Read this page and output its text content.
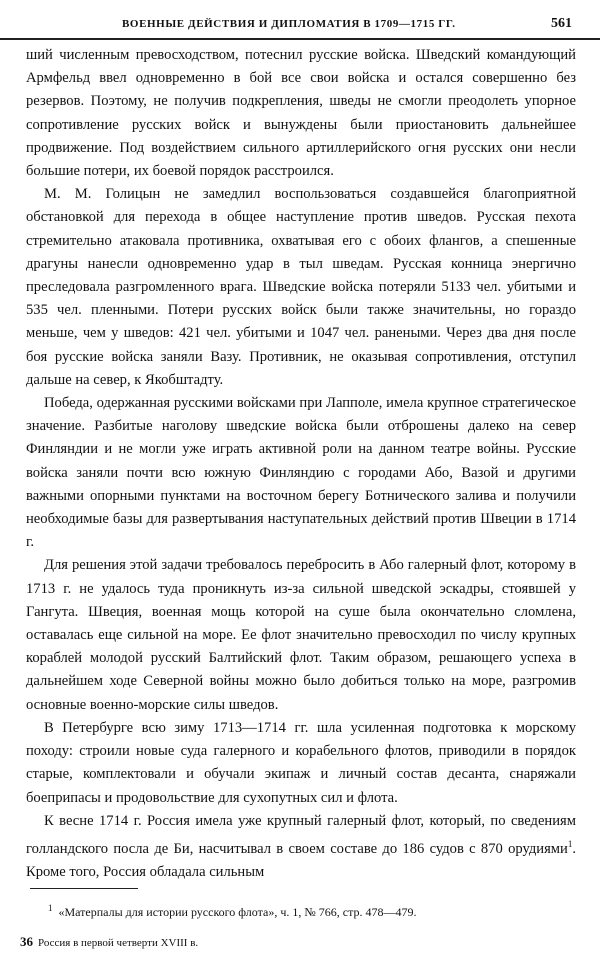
ВОЕННЫЕ ДЕЙСТВИЯ И ДИПЛОМАТИЯ В 1709—1715 ГГ.	561

ший численным превосходством, потеснил русские войска. Шведский командующий Армфельд ввел одновременно в бой все свои войска и остался совершенно без резервов. Поэтому, не получив подкрепления, шведы не смогли преодолеть упорное сопротивление русских войск и вынуждены были приостановить дальнейшее продвижение. Под воздействием сильного артиллерийского огня русских они несли большие потери, их боевой порядок расстроился.

М. М. Голицын не замедлил воспользоваться создавшейся благоприятной обстановкой для перехода в общее наступление против шведов. Русская пехота стремительно атаковала противника, охватывая его с обоих флангов, а спешенные драгуны нанесли одновременно удар в тыл шведам. Русская конница энергично преследовала разгромленного врага. Шведские войска потеряли 5133 чел. убитыми и 535 чел. пленными. Потери русских войск были также значительны, но гораздо меньше, чем у шведов: 421 чел. убитыми и 1047 чел. ранеными. Через два дня после боя русские войска заняли Вазу. Противник, не оказывая сопротивления, отступил дальше на север, к Якобштадту.

Победа, одержанная русскими войсками при Лапполе, имела крупное стратегическое значение. Разбитые наголову шведские войска были отброшены далеко на север Финляндии и не могли уже играть активной роли на данном театре войны. Русские войска заняли почти всю южную Финляндию с городами Або, Вазой и другими важными опорными пунктами на восточном берегу Ботнического залива и получили необходимые базы для развертывания наступательных действий против Швеции в 1714 г.

Для решения этой задачи требовалось перебросить в Або галерный флот, которому в 1713 г. не удалось туда проникнуть из-за сильной шведской эскадры, стоявшей у Гангута. Швеция, военная мощь которой на суше была окончательно сломлена, оставалась еще сильной на море. Ее флот значительно превосходил по числу крупных кораблей молодой русский Балтийский флот. Таким образом, решающего успеха в дальнейшем ходе Северной войны можно было добиться только на море, разгромив основные военно-морские силы шведов.

В Петербурге всю зиму 1713—1714 гг. шла усиленная подготовка к морскому походу: строили новые суда галерного и корабельного флотов, приводили в порядок старые, комплектовали и обучали экипаж и личный состав десанта, снаряжали боеприпасы и продовольствие для сухопутных сил и флота.

К весне 1714 г. Россия имела уже крупный галерный флот, который, по сведениям голландского посла де Би, насчитывал в своем составе до 186 судов с 870 орудиями$^1$. Кроме того, Россия обладала сильным

$^1$ «Матерпалы для истории русского флота», ч. 1, № 766, стр. 478—479.
36 Россия в первой четверти XVIII в.
